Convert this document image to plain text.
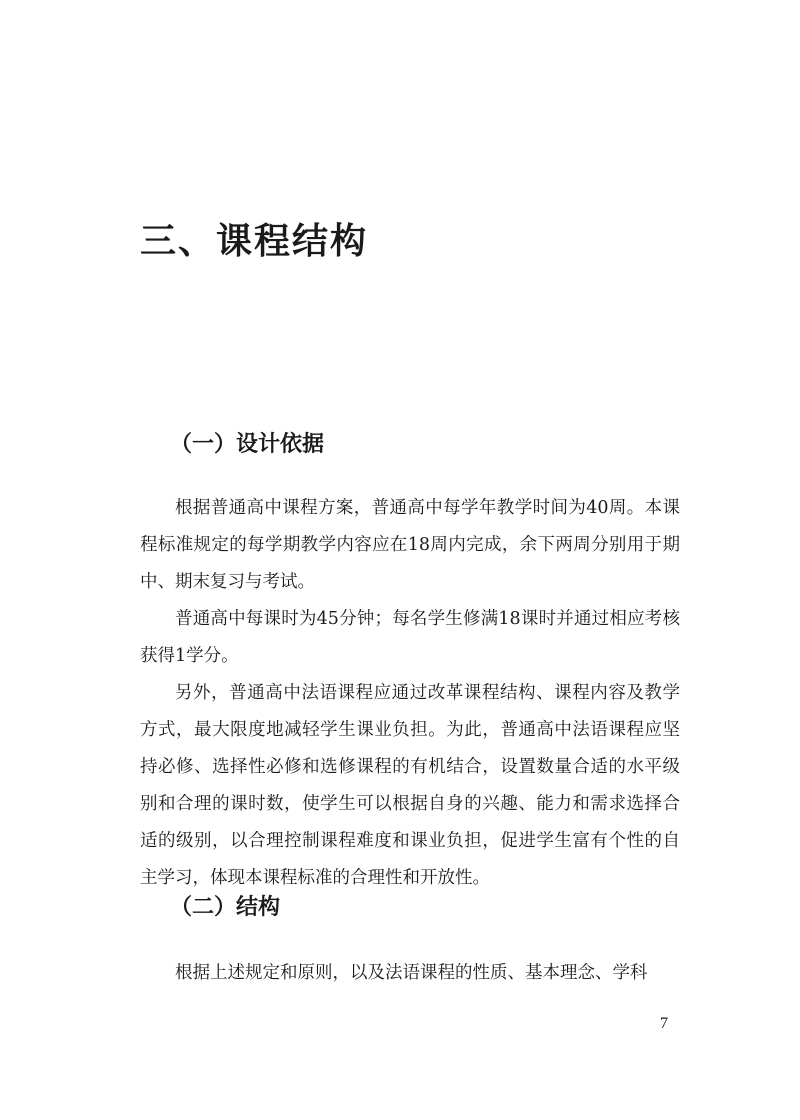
三、课程结构
（一）设计依据

根据普通高中课程方案，普通高中每学年教学时间为40周。本课程标准规定的每学期教学内容应在18周内完成，余下两周分别用于期中、期末复习与考试。

普通高中每课时为45分钟；每名学生修满18课时并通过相应考核获得1学分。

另外，普通高中法语课程应通过改革课程结构、课程内容及教学方式，最大限度地减轻学生课业负担。为此，普通高中法语课程应坚持必修、选择性必修和选修课程的有机结合，设置数量合适的水平级别和合理的课时数，使学生可以根据自身的兴趣、能力和需求选择合适的级别，以合理控制课程难度和课业负担，促进学生富有个性的自主学习，体现本课程标准的合理性和开放性。

（二）结构

根据上述规定和原则，以及法语课程的性质、基本理念、学科

7
